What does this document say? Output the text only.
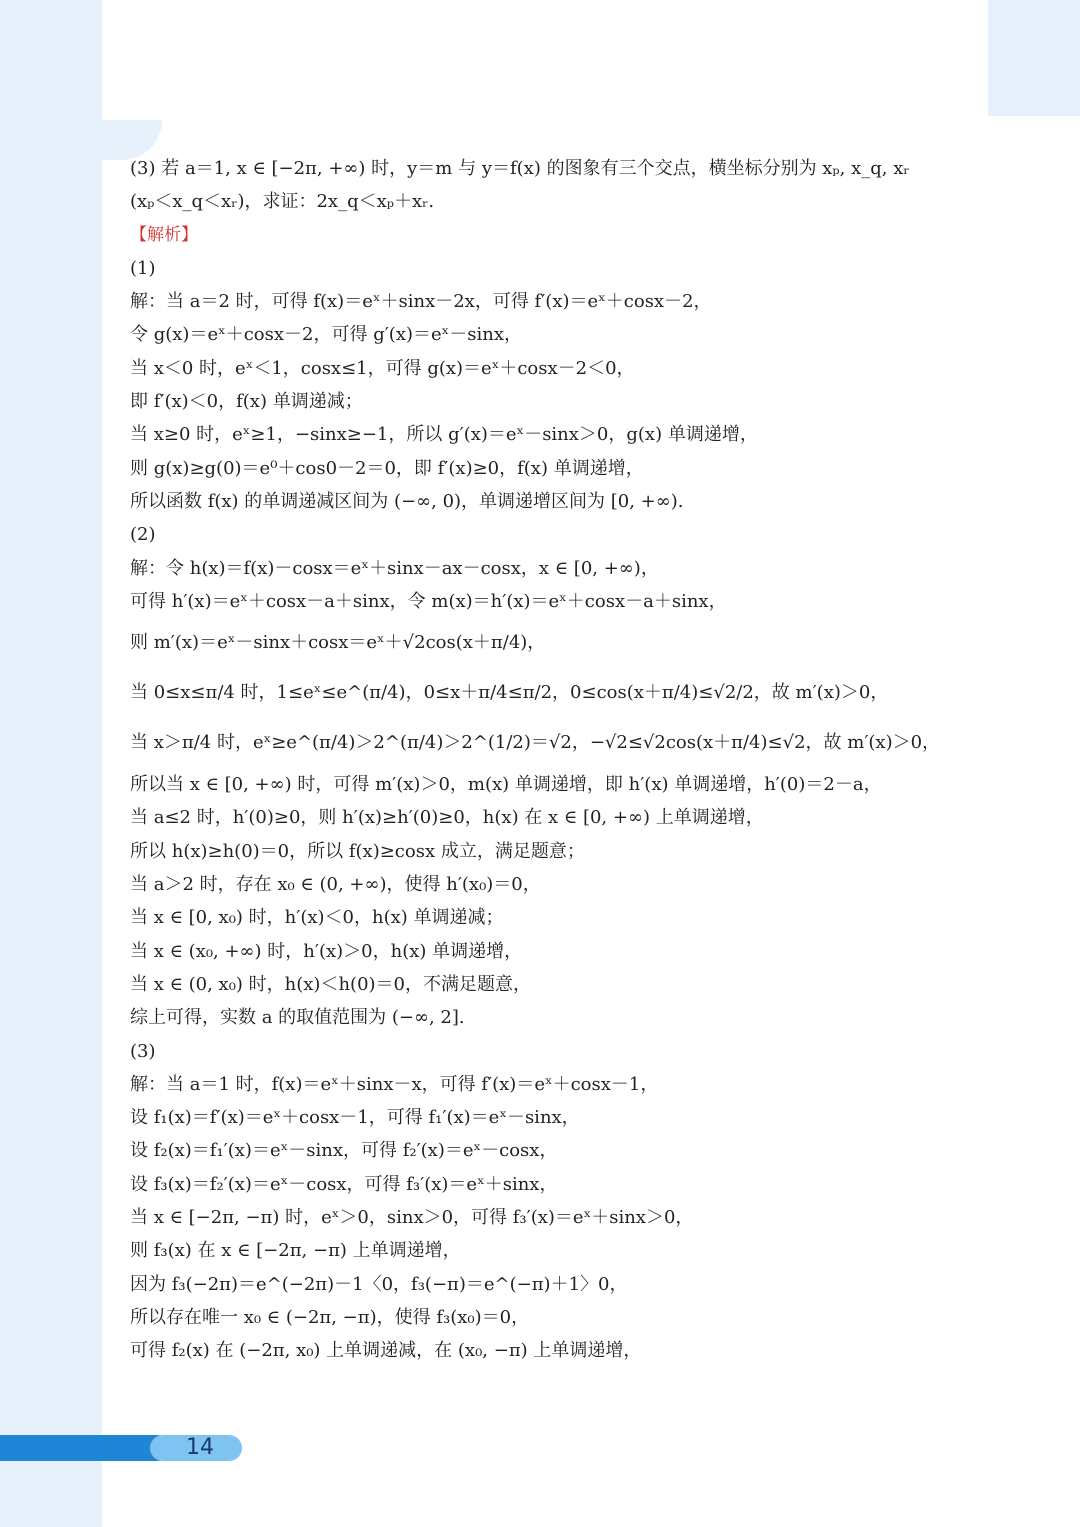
(3) 若 a＝1, x ∈ [−2π, +∞) 时，y＝m 与 y＝f(x) 的图象有三个交点，横坐标分别为 xₚ, x_q, xᵣ
(xₚ＜x_q＜xᵣ)，求证：2x_q＜xₚ＋xᵣ.
【解析】
(1)
解：当 a＝2 时，可得 f(x)＝eˣ＋sinx－2x，可得 f′(x)＝eˣ＋cosx－2，
令 g(x)＝eˣ＋cosx－2，可得 g′(x)＝eˣ－sinx，
当 x＜0 时，eˣ＜1，cosx≤1，可得 g(x)＝eˣ＋cosx－2＜0，
即 f′(x)＜0，f(x) 单调递减；
当 x≥0 时，eˣ≥1，−sinx≥−1，所以 g′(x)＝eˣ－sinx＞0，g(x) 单调递增，
则 g(x)≥g(0)＝e⁰＋cos0－2＝0，即 f′(x)≥0，f(x) 单调递增，
所以函数 f(x) 的单调递减区间为 (−∞, 0)，单调递增区间为 [0, +∞).
(2)
解：令 h(x)＝f(x)－cosx＝eˣ＋sinx－ax－cosx，x ∈ [0, +∞)，
可得 h′(x)＝eˣ＋cosx－a＋sinx，令 m(x)＝h′(x)＝eˣ＋cosx－a＋sinx，
则 m′(x)＝eˣ－sinx＋cosx＝eˣ＋√2cos(x＋π/4)，
当 0≤x≤π/4 时，1≤eˣ≤e^(π/4)，0≤x＋π/4≤π/2，0≤cos(x＋π/4)≤√2/2，故 m′(x)＞0，
当 x＞π/4 时，eˣ≥e^(π/4)＞2^(π/4)＞2^(1/2)＝√2，−√2≤√2cos(x＋π/4)≤√2，故 m′(x)＞0，
所以当 x ∈ [0, +∞) 时，可得 m′(x)＞0，m(x) 单调递增，即 h′(x) 单调递增，h′(0)＝2－a，
当 a≤2 时，h′(0)≥0，则 h′(x)≥h′(0)≥0，h(x) 在 x ∈ [0, +∞) 上单调递增，
所以 h(x)≥h(0)＝0，所以 f(x)≥cosx 成立，满足题意；
当 a＞2 时，存在 x₀ ∈ (0, +∞)，使得 h′(x₀)＝0，
当 x ∈ [0, x₀) 时，h′(x)＜0，h(x) 单调递减；
当 x ∈ (x₀, +∞) 时，h′(x)＞0，h(x) 单调递增，
当 x ∈ (0, x₀) 时，h(x)＜h(0)＝0，不满足题意，
综上可得，实数 a 的取值范围为 (−∞, 2].
(3)
解：当 a＝1 时，f(x)＝eˣ＋sinx－x，可得 f′(x)＝eˣ＋cosx－1，
设 f₁(x)＝f′(x)＝eˣ＋cosx－1，可得 f₁′(x)＝eˣ－sinx，
设 f₂(x)＝f₁′(x)＝eˣ－sinx，可得 f₂′(x)＝eˣ－cosx，
设 f₃(x)＝f₂′(x)＝eˣ－cosx，可得 f₃′(x)＝eˣ＋sinx，
当 x ∈ [−2π, −π) 时，eˣ＞0，sinx＞0，可得 f₃′(x)＝eˣ＋sinx＞0，
则 f₃(x) 在 x ∈ [−2π, −π) 上单调递增，
因为 f₃(−2π)＝e^(−2π)－1〈0，f₃(−π)＝e^(−π)＋1〉0，
所以存在唯一 x₀ ∈ (−2π, −π)，使得 f₃(x₀)＝0，
可得 f₂(x) 在 (−2π, x₀) 上单调递减，在 (x₀, −π) 上单调递增，
14
